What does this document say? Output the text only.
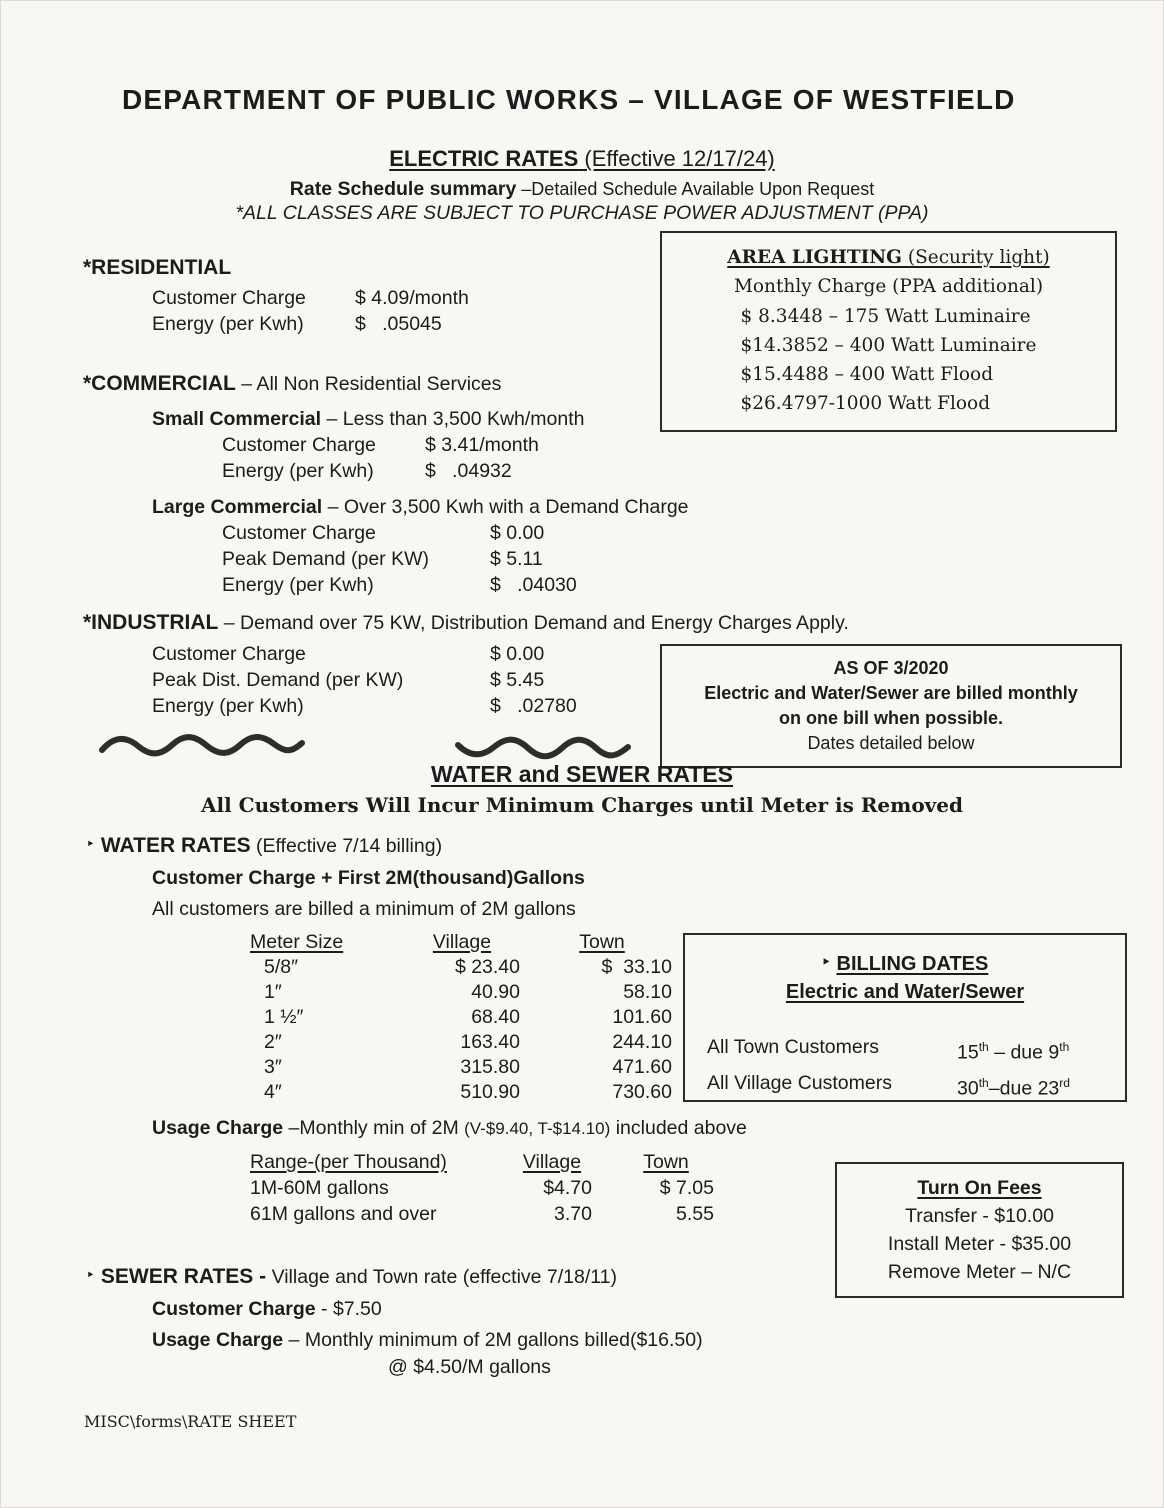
DEPARTMENT OF PUBLIC WORKS – VILLAGE OF WESTFIELD
ELECTRIC RATES (Effective 12/17/24)
Rate Schedule summary –Detailed Schedule Available Upon Request
*ALL CLASSES ARE SUBJECT TO PURCHASE POWER ADJUSTMENT (PPA)
AREA LIGHTING (Security light)
Monthly Charge (PPA additional)
$ 8.3448 – 175 Watt Luminaire
$14.3852 – 400 Watt Luminaire
$15.4488 – 400 Watt Flood
$26.4797-1000 Watt Flood
*RESIDENTIAL
Customer Charge	$ 4.09/month
Energy (per Kwh)	$   .05045
*COMMERCIAL – All Non Residential Services
Small Commercial – Less than 3,500 Kwh/month
Customer Charge	$ 3.41/month
Energy (per Kwh)	$   .04932
Large Commercial – Over 3,500 Kwh with a Demand Charge
Customer Charge	$ 0.00
Peak Demand (per KW)	$ 5.11
Energy (per Kwh)	$   .04030
*INDUSTRIAL – Demand over 75 KW, Distribution Demand and Energy Charges Apply.
Customer Charge	$ 0.00
Peak Dist. Demand (per KW)	$ 5.45
Energy (per Kwh)	$   .02780
AS OF 3/2020
Electric and Water/Sewer are billed monthly on one bill when possible.
Dates detailed below
WATER and SEWER RATES
All Customers Will Incur Minimum Charges until Meter is Removed
‣ WATER RATES (Effective 7/14 billing)
Customer Charge + First 2M(thousand)Gallons
All customers are billed a minimum of 2M gallons
Meter Size	Village	Town
5/8″	$ 23.40	$  33.10
1″	40.90	58.10
1 ½″	68.40	101.60
2″	163.40	244.10
3″	315.80	471.60
4″	510.90	730.60
‣ BILLING DATES
Electric and Water/Sewer
All Town Customers	15th – due 9th
All Village Customers	30th–due 23rd
Usage Charge –Monthly min of 2M (V-$9.40, T-$14.10) included above
Range-(per Thousand)	Village	Town
1M-60M gallons	$4.70	$ 7.05
61M gallons and over	3.70	5.55
Turn On Fees
Transfer - $10.00
Install Meter - $35.00
Remove Meter – N/C
‣ SEWER RATES - Village and Town rate (effective 7/18/11)
Customer Charge - $7.50
Usage Charge – Monthly minimum of 2M gallons billed($16.50)
@ $4.50/M gallons
MISC\forms\RATE SHEET
